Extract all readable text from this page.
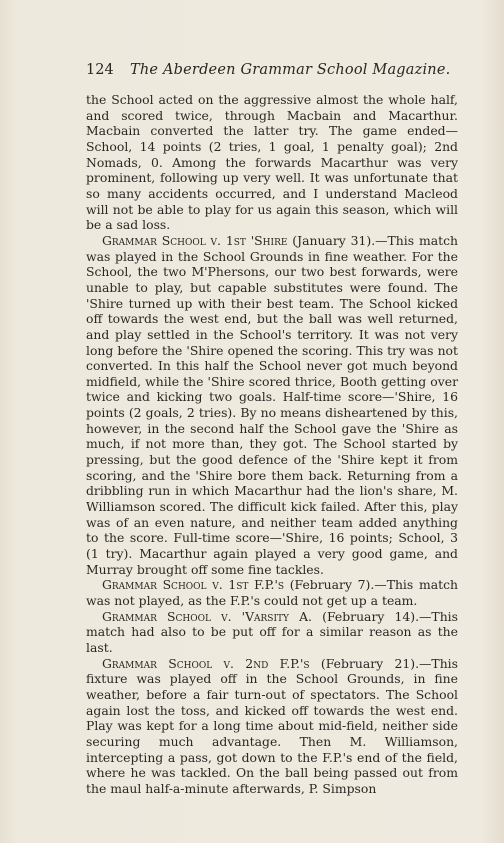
124 The Aberdeen Grammar School Magazine.

the School acted on the aggressive almost the whole half, and scored twice, through Macbain and Macarthur. Macbain converted the latter try. The game ended—School, 14 points (2 tries, 1 goal, 1 penalty goal); 2nd Nomads, 0. Among the forwards Macarthur was very prominent, following up very well. It was unfortunate that so many accidents occurred, and I understand Macleod will not be able to play for us again this season, which will be a sad loss.

Grammar School v. 1st 'Shire (January 31).—This match was played in the School Grounds in fine weather. For the School, the two M'Phersons, our two best forwards, were unable to play, but capable substitutes were found. The 'Shire turned up with their best team. The School kicked off towards the west end, but the ball was well returned, and play settled in the School's territory. It was not very long before the 'Shire opened the scoring. This try was not converted. In this half the School never got much beyond midfield, while the 'Shire scored thrice, Booth getting over twice and kicking two goals. Half-time score—'Shire, 16 points (2 goals, 2 tries). By no means disheartened by this, however, in the second half the School gave the 'Shire as much, if not more than, they got. The School started by pressing, but the good defence of the 'Shire kept it from scoring, and the 'Shire bore them back. Returning from a dribbling run in which Macarthur had the lion's share, M. Williamson scored. The difficult kick failed. After this, play was of an even nature, and neither team added anything to the score. Full-time score—'Shire, 16 points; School, 3 (1 try). Macarthur again played a very good game, and Murray brought off some fine tackles.

Grammar School v. 1st F.P.'s (February 7).—This match was not played, as the F.P.'s could not get up a team.

Grammar School v. 'Varsity A. (February 14).—This match had also to be put off for a similar reason as the last.

Grammar School v. 2nd F.P.'s (February 21).—This fixture was played off in the School Grounds, in fine weather, before a fair turn-out of spectators. The School again lost the toss, and kicked off towards the west end. Play was kept for a long time about mid-field, neither side securing much advantage. Then M. Williamson, intercepting a pass, got down to the F.P.'s end of the field, where he was tackled. On the ball being passed out from the maul half-a-minute afterwards, P. Simpson
